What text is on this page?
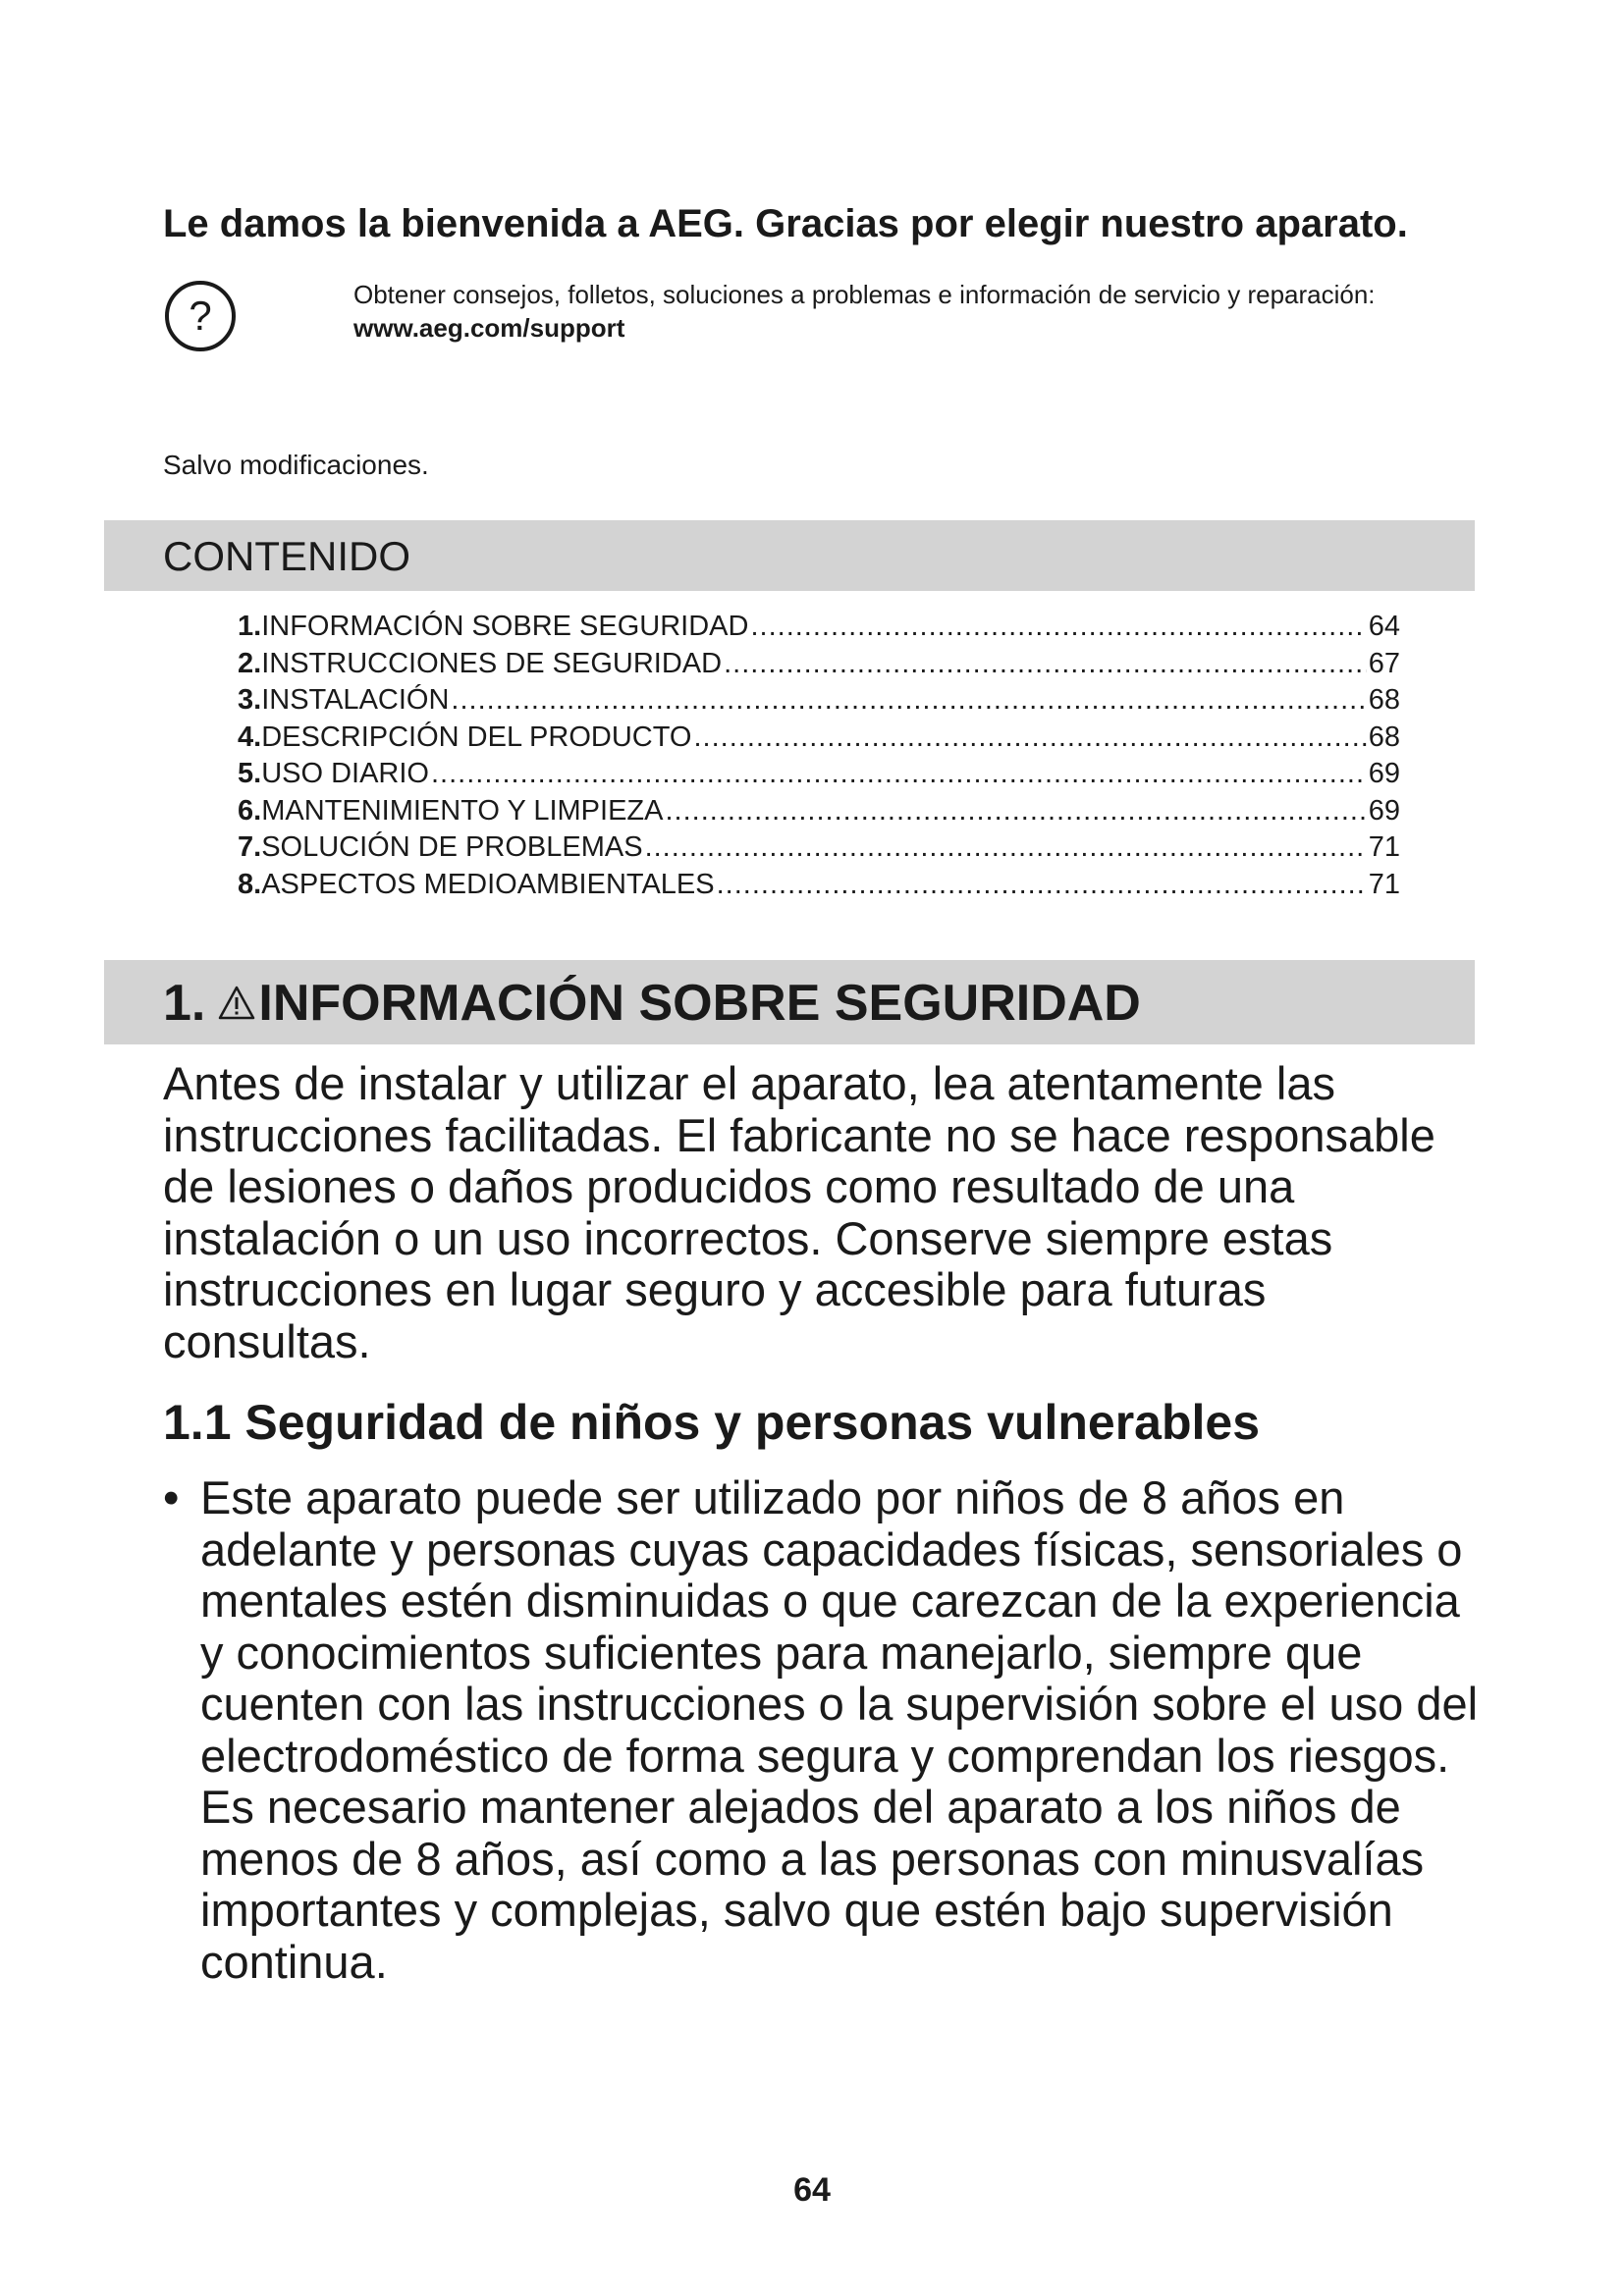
Le damos la bienvenida a AEG. Gracias por elegir nuestro aparato.
?	Obtener consejos, folletos, soluciones a problemas e información de servicio y reparación:
www.aeg.com/support

Salvo modificaciones.

CONTENIDO
1. INFORMACIÓN SOBRE SEGURIDAD .....	64
2. INSTRUCCIONES DE SEGURIDAD .....	67
3. INSTALACIÓN .....	68
4. DESCRIPCIÓN DEL PRODUCTO .....	68
5. USO DIARIO .....	69
6. MANTENIMIENTO Y LIMPIEZA .....	69
7. SOLUCIÓN DE PROBLEMAS .....	71
8. ASPECTOS MEDIOAMBIENTALES .....	71
1. INFORMACIÓN SOBRE SEGURIDAD

Antes de instalar y utilizar el aparato, lea atentamente las instrucciones facilitadas. El fabricante no se hace responsable de lesiones o daños producidos como resultado de una instalación o un uso incorrectos. Conserve siempre estas instrucciones en lugar seguro y accesible para futuras consultas.

1.1 Seguridad de niños y personas vulnerables
• Este aparato puede ser utilizado por niños de 8 años en adelante y personas cuyas capacidades físicas, sensoriales o mentales estén disminuidas o que carezcan de la experiencia y conocimientos suficientes para manejarlo, siempre que cuenten con las instrucciones o la supervisión sobre el uso del electrodoméstico de forma segura y comprendan los riesgos. Es necesario mantener alejados del aparato a los niños de menos de 8 años, así como a las personas con minusvalías importantes y complejas, salvo que estén bajo supervisión continua.
64
